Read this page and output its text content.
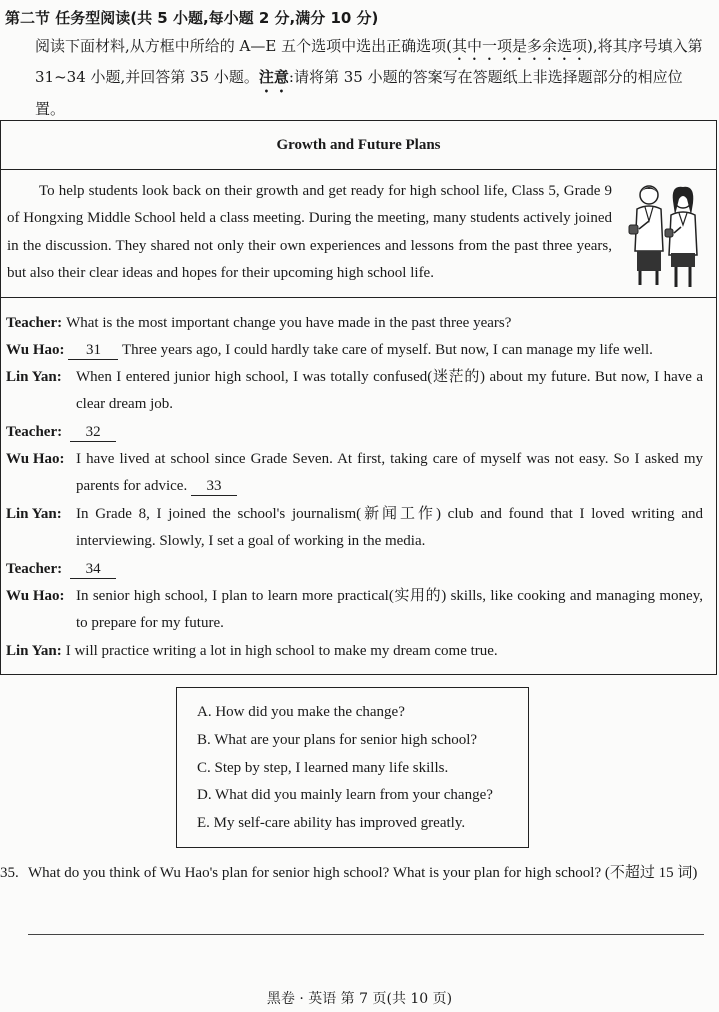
第二节 任务型阅读(共 5 小题,每小题 2 分,满分 10 分)
阅读下面材料,从方框中所给的 A—E 五个选项中选出正确选项(其中一项是多余选项),将其序号填入第 31~34 小题,并回答第 35 小题。注意:请将第 35 小题的答案写在答题纸上非选择题部分的相应位置。
Growth and Future Plans

To help students look back on their growth and get ready for high school life, Class 5, Grade 9 of Hongxing Middle School held a class meeting. During the meeting, many students actively joined in the discussion. They shared not only their own experiences and lessons from the past three years, but also their clear ideas and hopes for their upcoming high school life.

Teacher: What is the most important change you have made in the past three years?
Wu Hao:	31 Three years ago, I could hardly take care of myself. But now, I can manage my life well.
Lin Yan: When I entered junior high school, I was totally confused(迷茫的) about my future. But now, I have a clear dream job.
Teacher:	32
Wu Hao: I have lived at school since Grade Seven. At first, taking care of myself was not easy. So I asked my parents for advice. 33
Lin Yan: In Grade 8, I joined the school's journalism(新闻工作) club and found that I loved writing and interviewing. Slowly, I set a goal of working in the media.
Teacher:	34
Wu Hao: In senior high school, I plan to learn more practical(实用的) skills, like cooking and managing money, to prepare for my future.
Lin Yan: I will practice writing a lot in high school to make my dream come true.
A. How did you make the change?
B. What are your plans for senior high school?
C. Step by step, I learned many life skills.
D. What did you mainly learn from your change?
E. My self-care ability has improved greatly.
35. What do you think of Wu Hao's plan for senior high school? What is your plan for high school? (不超过 15 词)
黑卷 · 英语 第 7 页(共 10 页)
